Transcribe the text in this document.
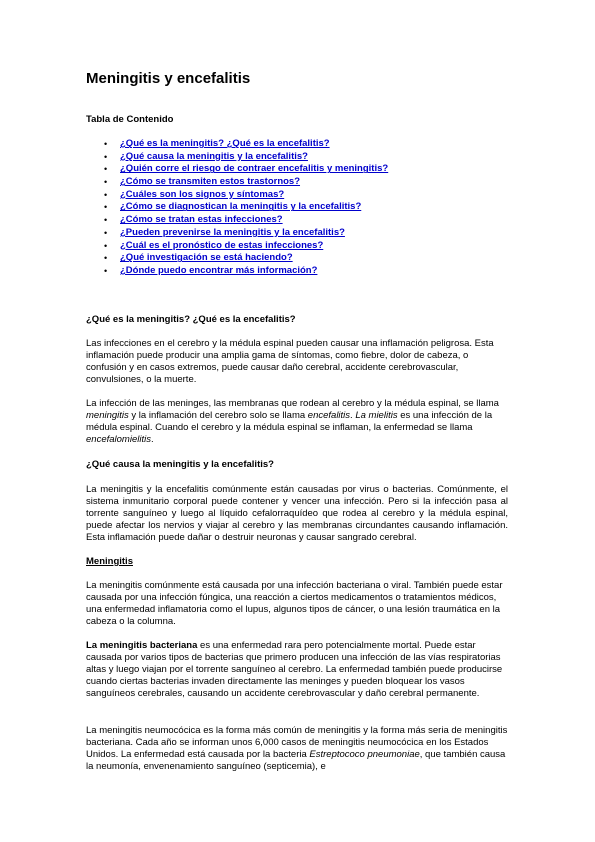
Meningitis y encefalitis
Tabla de Contenido
• ¿Qué es la meningitis? ¿Qué es la encefalitis?
• ¿Qué causa la meningitis y la encefalitis?
• ¿Quién corre el riesgo de contraer encefalitis y meningitis?
• ¿Cómo se transmiten estos trastornos?
• ¿Cuáles son los signos y síntomas?
• ¿Cómo se diagnostican la meningitis y la encefalitis?
• ¿Cómo se tratan estas infecciones?
• ¿Pueden prevenirse la meningitis y la encefalitis?
• ¿Cuál es el pronóstico de estas infecciones?
• ¿Qué investigación se está haciendo?
• ¿Dónde puedo encontrar más información?
¿Qué es la meningitis? ¿Qué es la encefalitis?

Las infecciones en el cerebro y la médula espinal pueden causar una inflamación peligrosa. Esta inflamación puede producir una amplia gama de síntomas, como fiebre, dolor de cabeza, o confusión y en casos extremos, puede causar daño cerebral, accidente cerebrovascular, convulsiones, o la muerte.

La infección de las meninges, las membranas que rodean al cerebro y la médula espinal, se llama meningitis y la inflamación del cerebro solo se llama encefalitis. La mielitis es una infección de la médula espinal. Cuando el cerebro y la médula espinal se inflaman, la enfermedad se llama encefalomielitis.

¿Qué causa la meningitis y la encefalitis?

La meningitis y la encefalitis comúnmente están causadas por virus o bacterias. Comúnmente, el sistema inmunitario corporal puede contener y vencer una infección. Pero si la infección pasa al torrente sanguíneo y luego al líquido cefalorraquídeo que rodea al cerebro y la médula espinal, puede afectar los nervios y viajar al cerebro y las membranas circundantes causando inflamación. Esta inflamación puede dañar o destruir neuronas y causar sangrado cerebral.

Meningitis

La meningitis comúnmente está causada por una infección bacteriana o viral. También puede estar causada por una infección fúngica, una reacción a ciertos medicamentos o tratamientos médicos, una enfermedad inflamatoria como el lupus, algunos tipos de cáncer, o una lesión traumática en la cabeza o la columna.

La meningitis bacteriana es una enfermedad rara pero potencialmente mortal. Puede estar causada por varios tipos de bacterias que primero producen una infección de las vías respiratorias altas y luego viajan por el torrente sanguíneo al cerebro. La enfermedad también puede producirse cuando ciertas bacterias invaden directamente las meninges y pueden bloquear los vasos sanguíneos cerebrales, causando un accidente cerebrovascular y daño cerebral permanente.

La meningitis neumocócica es la forma más común de meningitis y la forma más seria de meningitis bacteriana. Cada año se informan unos 6,000 casos de meningitis neumocócica en los Estados Unidos. La enfermedad está causada por la bacteria Estreptococo pneumoniae, que también causa la neumonía, envenenamiento sanguíneo (septicemia), e
